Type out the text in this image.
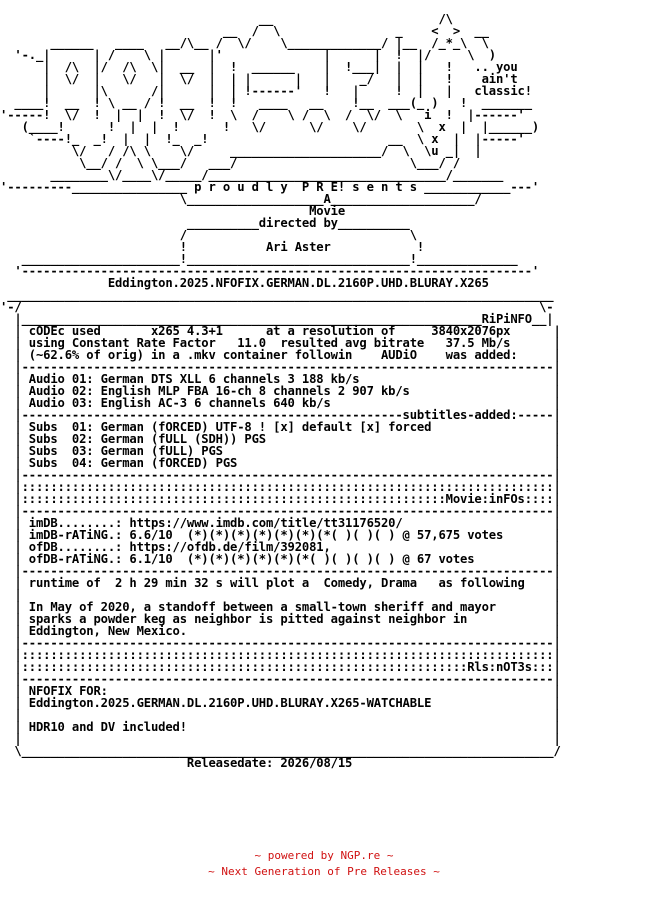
__                       /\
__  /  \                _    <  >  __
______   ____   __/\__ /  \/    \_____________/ |__  /_*_\  \
'-._|      | /    \ |      |'              |      |  !  |/     \  )
|  /\  |/  /\  \|  __  |  !  ______    |  !___|  |  |   !   .. you
|  \/  |   \/   |  \/  |  | |      |   |    _/   |  |   !    ain't
|      |\      /|      |  | !------'   !   |     !  |   |   classic!
____!  __  ! \ __ / !  __  !  !   ____   __    !__  ___(_ )   !  _______
'-----!  \/  !  |  |  !  \/  !  \  /    \ /  \  /  \/  \   i  !  |------'
(____!      !  |  |  !      !   \/      \/    \/       \  x  |  |______)
`----!_  _!  |  |  !_  _!                         __  \ x  |  |-----'
\/   / /\ \    \/     _____________________/  \  \u _|  |
\__/ /  \ \___/   ___/                        \___/ /
________\/____\/_____/_________________________________/_______
'---------________________ p r o u d l y  P R E! s e n t s ____________---'
\___________________A____________________/
Movie
__________directed by__________
/                               \
!           Ari Aster            !
______________________!_______________________________!______________
'-----------------------------------------------------------------------'
Eddington.2025.NFOFIX.GERMAN.DL.2160P.UHD.BLURAY.X265
____________________________________________________________________________
'-/                                                                        \-
|________________________________________________________________RiPiNFO__|
| cODEc used       x265 4.3+1      at a resolution of     3840x2076px      |
| using Constant Rate Factor   11.0  resulted avg bitrate   37.5 Mb/s      |
| (~62.6% of orig) in a .mkv container followin    AUDiO    was added:     |
|--------------------------------------------------------------------------|
| Audio 01: German DTS XLL 6 channels 3 188 kb/s                           |
| Audio 02: English MLP FBA 16-ch 8 channels 2 907 kb/s                    |
| Audio 03: English AC-3 6 channels 640 kb/s                               |
|-----------------------------------------------------subtitles-added:-----|
| Subs  01: German (fORCED) UTF-8 ! [x] default [x] forced                 |
| Subs  02: German (fULL (SDH)) PGS                                        |
| Subs  03: German (fULL) PGS                                              |
| Subs  04: German (fORCED) PGS                                            |
|--------------------------------------------------------------------------|
|::::::::::::::::::::::::::::::::::::::::::::::::::::::::::::::::::::::::::|
|:::::::::::::::::::::::::::::::::::::::::::::::::::::::::::Movie:inFOs::::|
|--------------------------------------------------------------------------|
| imDB........: https://www.imdb.com/title/tt31176520/                     |
| imDB-rATiNG.: 6.6/10  (*)(*)(*)(*)(*)(*)(*( )( )( ) @ 57,675 votes       |
| ofDB........: https://ofdb.de/film/392081,                               |
| ofDB-rATiNG.: 6.1/10  (*)(*)(*)(*)(*)(*( )( )( )( ) @ 67 votes           |
|--------------------------------------------------------------------------|
| runtime of  2 h 29 min 32 s will plot a  Comedy, Drama   as following    |
|                                                                          |
| In May of 2020, a standoff between a small-town sheriff and mayor        |
| sparks a powder keg as neighbor is pitted against neighbor in            |
| Eddington, New Mexico.                                                   |
|--------------------------------------------------------------------------|
|::::::::::::::::::::::::::::::::::::::::::::::::::::::::::::::::::::::::::|
|::::::::::::::::::::::::::::::::::::::::::::::::::::::::::::::Rls:nOT3s:::|
|--------------------------------------------------------------------------|
| NFOFIX FOR:                                                              |
| Eddington.2025.GERMAN.DL.2160P.UHD.BLURAY.X265-WATCHABLE                 |
|                                                                          |
| HDR10 and DV included!                                                   |
|                                                                          |
\__________________________________________________________________________/
Releasedate: 2026/08/15

~ powered by NGP.re ~
~ Next Generation of Pre Releases ~
